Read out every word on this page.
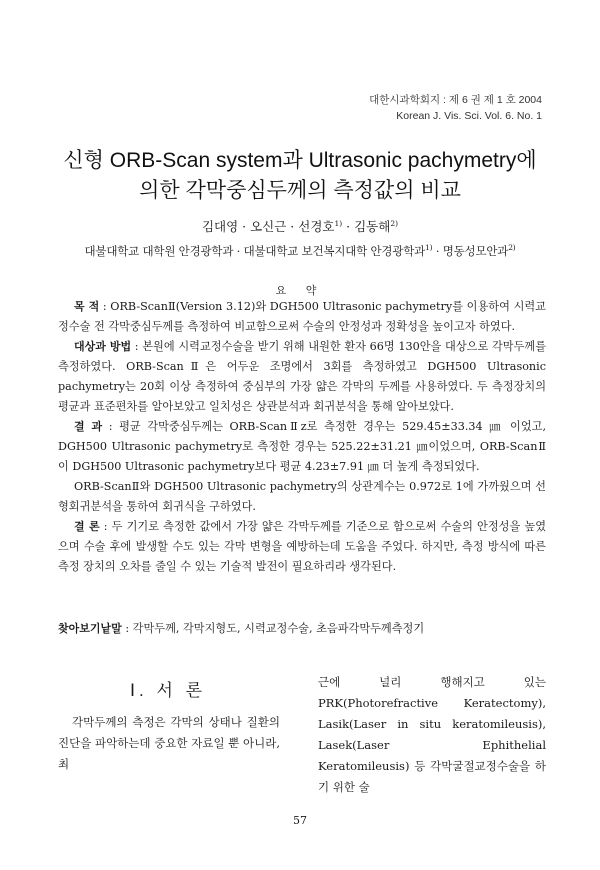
대한시과학회지 : 제 6 권 제 1 호 2004
Korean J. Vis. Sci. Vol. 6. No. 1
신형 ORB-Scan system과 Ultrasonic pachymetry에
의한 각막중심두께의 측정값의 비교
김대영 · 오신근 · 선경호$^{1)}$ · 김동해$^{2)}$
대불대학교 대학원 안경광학과 · 대불대학교 보건복지대학 안경광학과$^{1)}$ · 명동성모안과$^{2)}$
요 약

목 적 : ORB-ScanⅡ(Version 3.12)와 DGH500 Ultrasonic pachymetry를 이용하여 시력교정수술 전 각막중심두께를 측정하여 비교함으로써 수술의 안정성과 정확성을 높이고자 하였다.

대상과 방법 : 본원에 시력교정수술을 받기 위해 내원한 환자 66명 130안을 대상으로 각막두께를 측정하였다. ORB-ScanⅡ은 어두운 조명에서 3회를 측정하였고 DGH500 Ultrasonic pachymetry는 20회 이상 측정하여 중심부의 가장 얇은 각막의 두께를 사용하였다. 두 측정장치의 평균과 표준편차를 알아보았고 일치성은 상관분석과 회귀분석을 통해 알아보았다.

결 과 : 평균 각막중심두께는 ORB-ScanⅡz로 측정한 경우는 529.45±33.34 ㎛ 이었고, DGH500 Ultrasonic pachymetry로 측정한 경우는 525.22±31.21 ㎛이었으며, ORB-ScanⅡ이 DGH500 Ultrasonic pachymetry보다 평균 4.23±7.91 ㎛ 더 높게 측정되었다.

ORB-ScanⅡ와 DGH500 Ultrasonic pachymetry의 상관계수는 0.972로 1에 가까웠으며 선형회귀분석을 통하여 회귀식을 구하였다.

결 론 : 두 기기로 측정한 값에서 가장 얇은 각막두께를 기준으로 함으로써 수술의 안정성을 높였으며 수술 후에 발생할 수도 있는 각막 변형을 예방하는데 도움을 주었다. 하지만, 측정 방식에 따른 측정 장치의 오차를 줄일 수 있는 기술적 발전이 필요하리라 생각된다.

찾아보기낱말 : 각막두께, 각막지형도, 시력교정수술, 초음파각막두께측정기
Ⅰ. 서 론
각막두께의 측정은 각막의 상태나 질환의 진단을 파악하는데 중요한 자료일 뿐 아니라, 최
근에 널리 행해지고 있는 PRK(Photorefractive Keratectomy), Lasik(Laser in situ keratomileusis), Lasek(Laser Ephithelial Keratomileusis) 등 각막굴절교정수술을 하기 위한 술
57
